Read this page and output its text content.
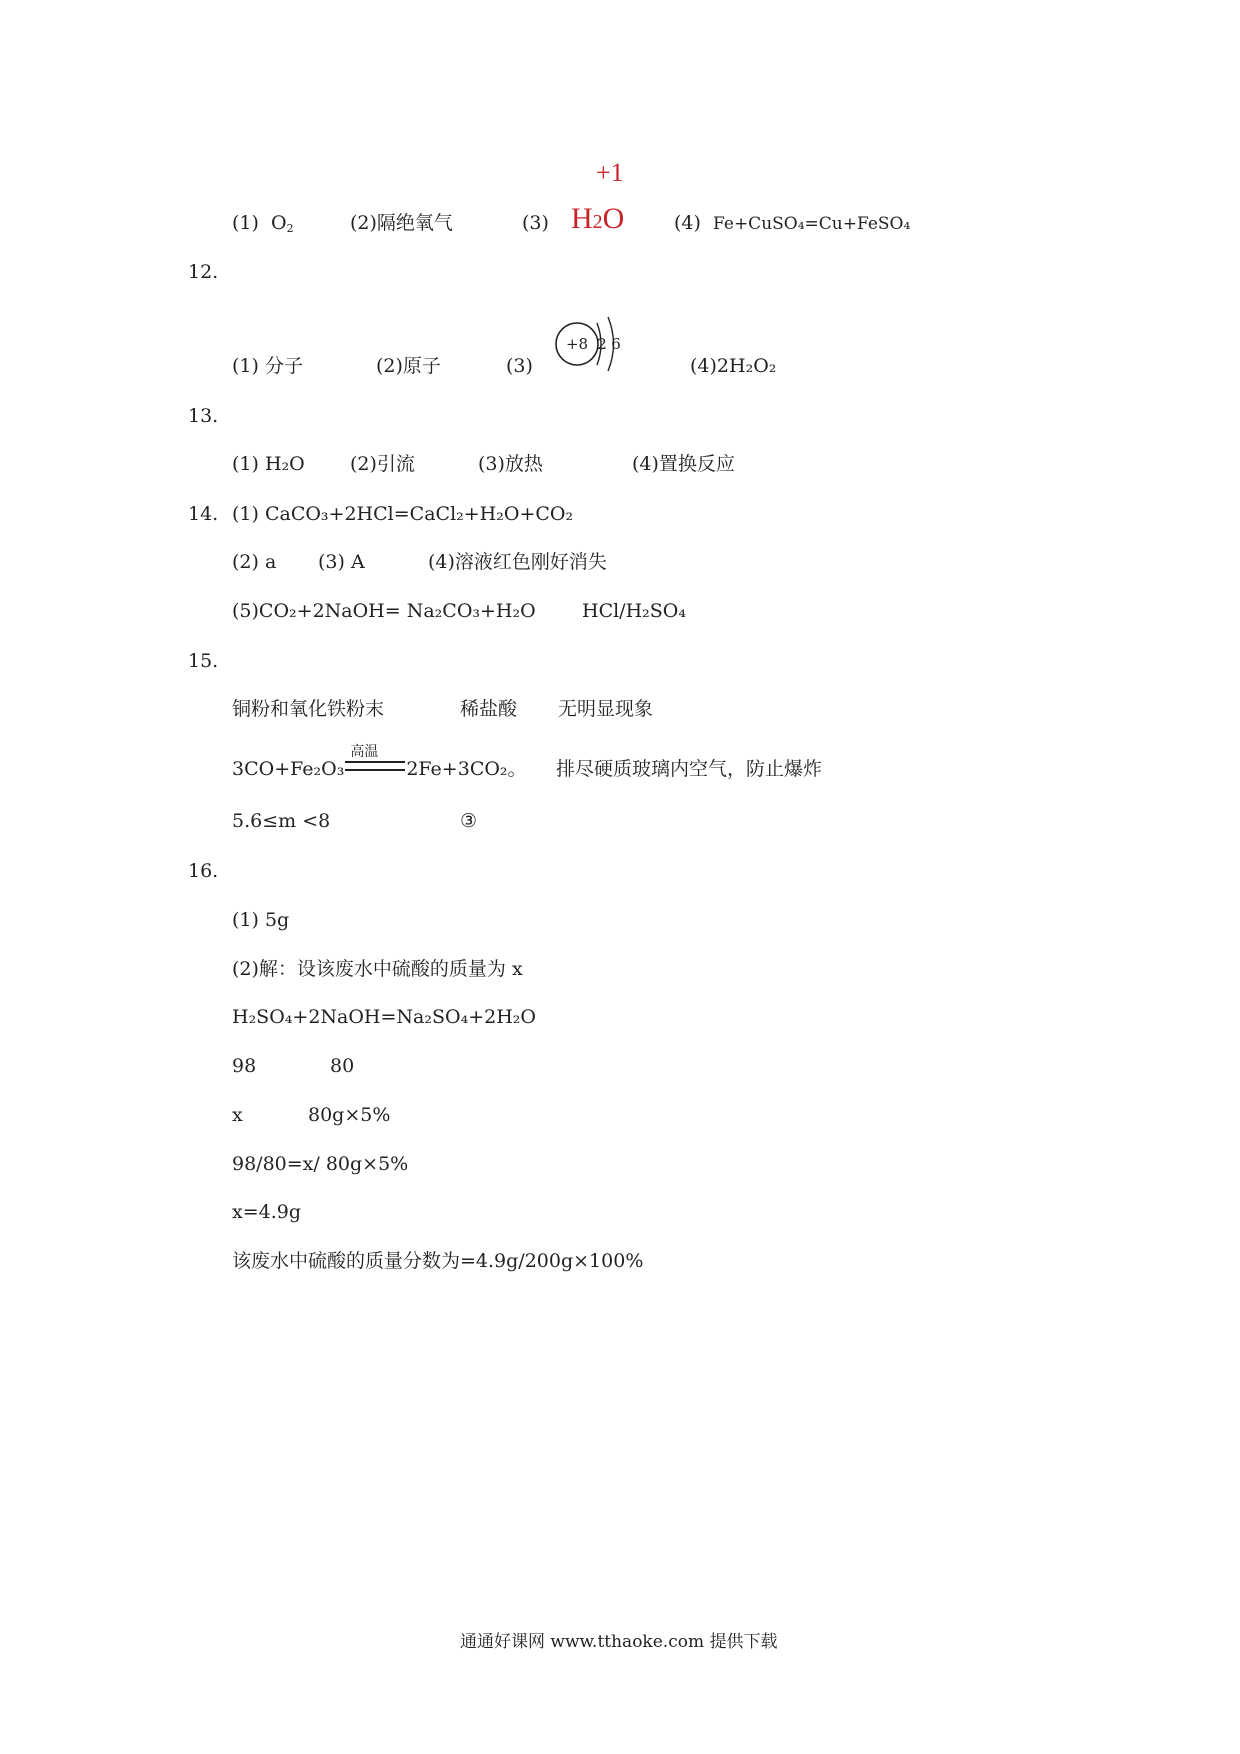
(1) $O_2$	(2)隔绝氧气	(3)
+1
H2O	(4) Fe+CuSO₄=Cu+FeSO₄
12.
(1) 分子	(2)原子	(3)
+8 2 6
(4)2H₂O₂
13.
(1) H₂O (2)引流	(3)放热	(4)置换反应
14. (1) CaCO₃+2HCl=CaCl₂+H₂O+CO₂
(2) a (3) A	(4)溶液红色刚好消失
(5)CO₂+2NaOH= Na₂CO₃+H₂O HCl/H₂SO₄
15.
铜粉和氧化铁粉末	稀盐酸 无明显现象
3CO+Fe₂O₃
高温
2Fe+3CO₂。 排尽硬质玻璃内空气，防止爆炸
5.6≤m <8	③
16.
(1) 5g
(2)解：设该废水中硫酸的质量为 x
H₂SO₄+2NaOH=Na₂SO₄+2H₂O
98	80
x	80g×5%
98/80=x/ 80g×5%
x=4.9g
该废水中硫酸的质量分数为=4.9g/200g×100%
通通好课网 www.tthaoke.com 提供下载
